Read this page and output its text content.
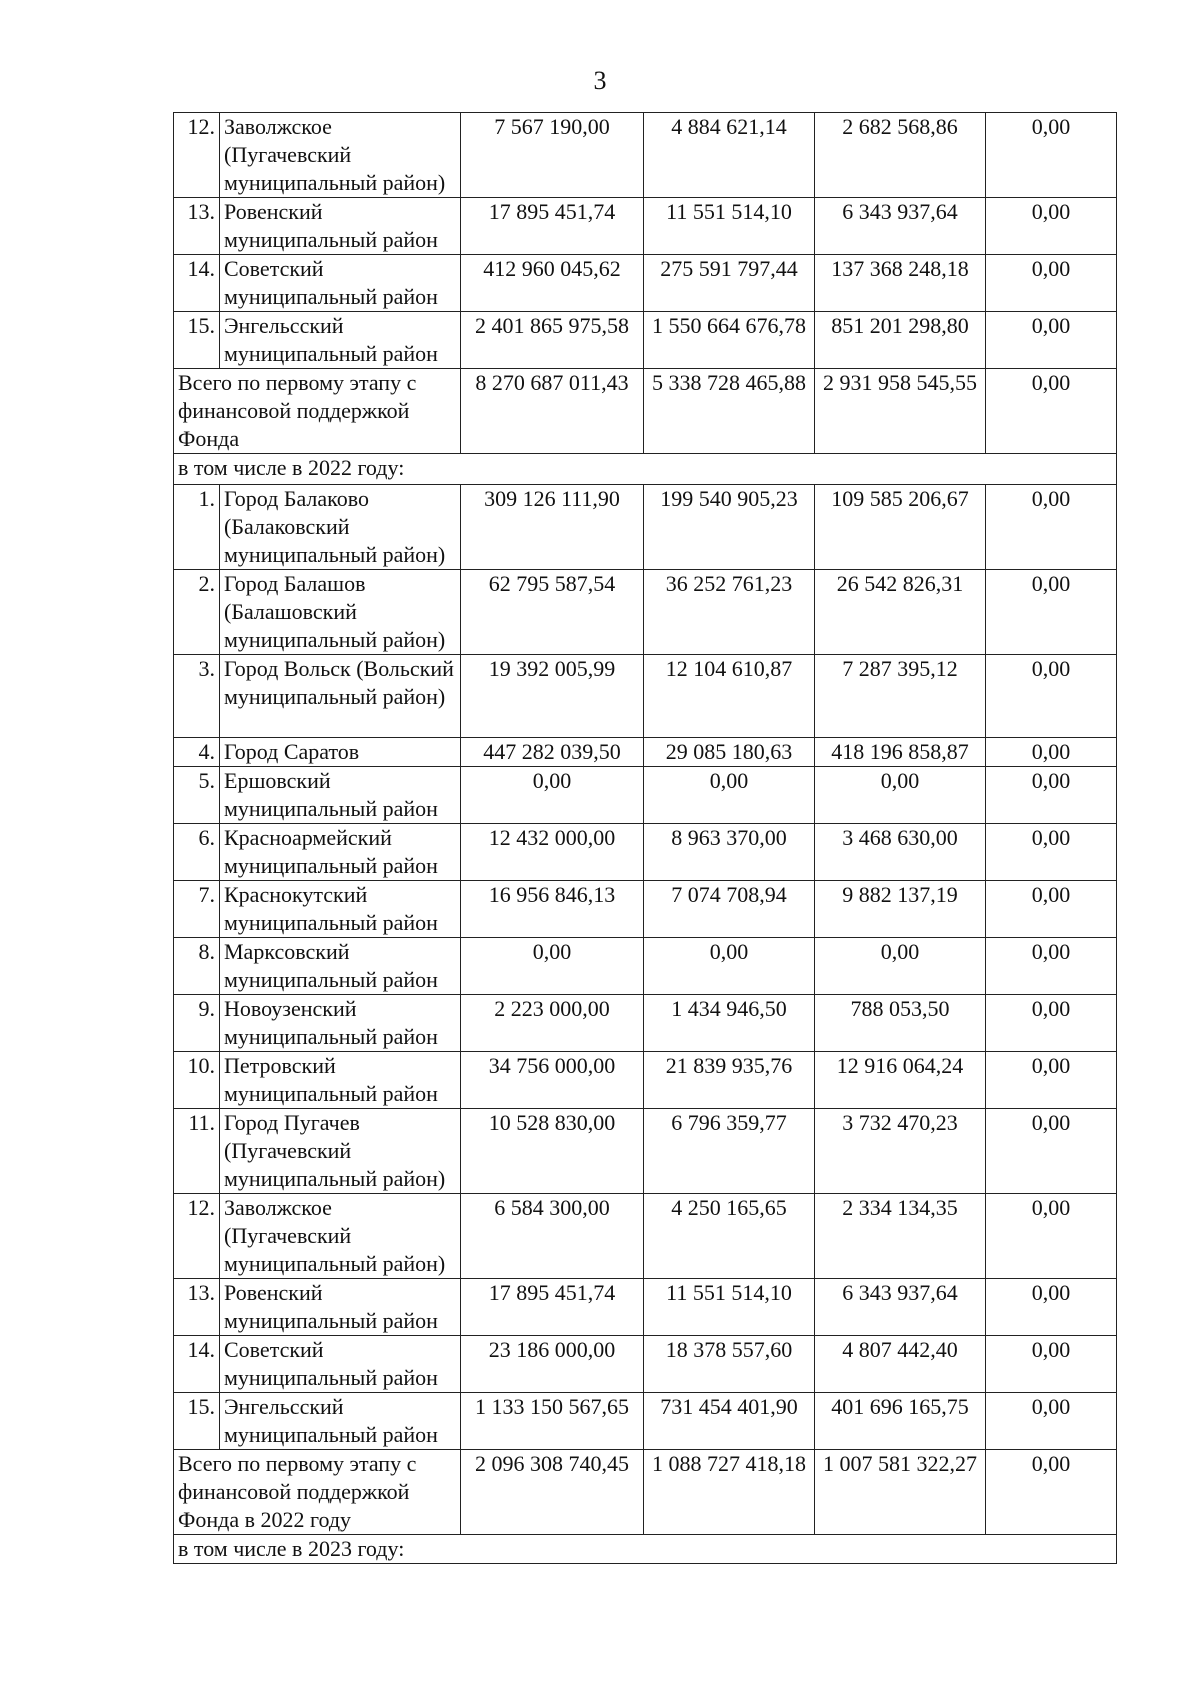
3
12.	Заволжское (Пугачевский муниципальный район)	7 567 190,00	4 884 621,14	2 682 568,86	0,00
13.	Ровенский муниципальный район	17 895 451,74	11 551 514,10	6 343 937,64	0,00
14.	Советский муниципальный район	412 960 045,62	275 591 797,44	137 368 248,18	0,00
15.	Энгельсский муниципальный район	2 401 865 975,58	1 550 664 676,78	851 201 298,80	0,00
Всего по первому этапу с финансовой поддержкой Фонда		8 270 687 011,43	5 338 728 465,88	2 931 958 545,55	0,00
в том числе в 2022 году:					
1.	Город Балаково (Балаковский муниципальный район)	309 126 111,90	199 540 905,23	109 585 206,67	0,00
2.	Город Балашов (Балашовский муниципальный район)	62 795 587,54	36 252 761,23	26 542 826,31	0,00
3.	Город Вольск (Вольский муниципальный район)	19 392 005,99	12 104 610,87	7 287 395,12	0,00
4.	Город Саратов	447 282 039,50	29 085 180,63	418 196 858,87	0,00
5.	Ершовский муниципальный район	0,00	0,00	0,00	0,00
6.	Красноармейский муниципальный район	12 432 000,00	8 963 370,00	3 468 630,00	0,00
7.	Краснокутский муниципальный район	16 956 846,13	7 074 708,94	9 882 137,19	0,00
8.	Марксовский муниципальный район	0,00	0,00	0,00	0,00
9.	Новоузенский муниципальный район	2 223 000,00	1 434 946,50	788 053,50	0,00
10.	Петровский муниципальный район	34 756 000,00	21 839 935,76	12 916 064,24	0,00
11.	Город Пугачев (Пугачевский муниципальный район)	10 528 830,00	6 796 359,77	3 732 470,23	0,00
12.	Заволжское (Пугачевский муниципальный район)	6 584 300,00	4 250 165,65	2 334 134,35	0,00
13.	Ровенский муниципальный район	17 895 451,74	11 551 514,10	6 343 937,64	0,00
14.	Советский муниципальный район	23 186 000,00	18 378 557,60	4 807 442,40	0,00
15.	Энгельсский муниципальный район	1 133 150 567,65	731 454 401,90	401 696 165,75	0,00
Всего по первому этапу с финансовой поддержкой Фонда в 2022 году		2 096 308 740,45	1 088 727 418,18	1 007 581 322,27	0,00
в том числе в 2023 году:					
